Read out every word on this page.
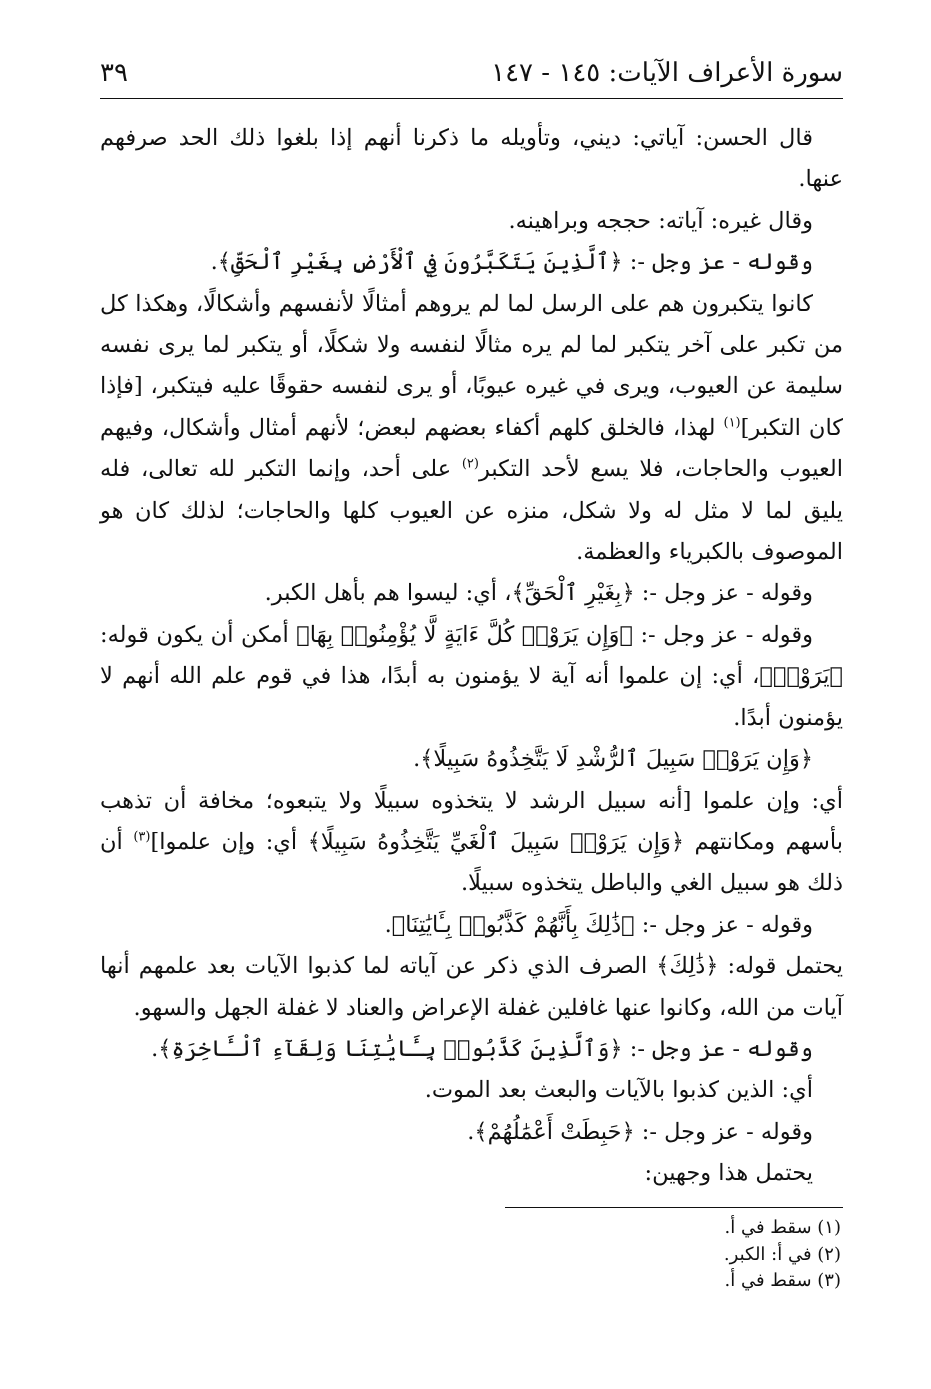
سورة الأعراف الآيات: ١٤٥ - ١٤٧
٣٩

قال الحسن: آياتي: ديني، وتأويله ما ذكرنا أنهم إذا بلغوا ذلك الحد صرفهم عنها.

وقال غيره: آياته: حججه وبراهينه.

وقوله - عز وجل -: ﴿ٱلَّذِينَ يَتَكَبَّرُونَ فِي ٱلْأَرْضِ بِغَيْرِ ٱلْحَقِّ﴾.

كانوا يتكبرون هم على الرسل لما لم يروهم أمثالًا لأنفسهم وأشكالًا، وهكذا كل من تكبر على آخر يتكبر لما لم يره مثالًا لنفسه ولا شكلًا، أو يتكبر لما يرى نفسه سليمة عن العيوب، ويرى في غيره عيوبًا، أو يرى لنفسه حقوقًا عليه فيتكبر، [فإذا كان التكبر]$^{(١)}$ لهذا، فالخلق كلهم أكفاء بعضهم لبعض؛ لأنهم أمثال وأشكال، وفيهم العيوب والحاجات، فلا يسع لأحد التكبر$^{(٢)}$ على أحد، وإنما التكبر لله تعالى، فله يليق لما لا مثل له ولا شكل، منزه عن العيوب كلها والحاجات؛ لذلك كان هو الموصوف بالكبرياء والعظمة.

وقوله - عز وجل -: ﴿بِغَيْرِ ٱلْحَقِّ﴾، أي: ليسوا هم بأهل الكبر.

وقوله - عز وجل -: ﴿وَإِن يَرَوْا۟ كُلَّ ءَايَةٍ لَّا يُؤْمِنُوا۟ بِهَا﴾ أمكن أن يكون قوله: ﴿يَرَوْا۟﴾، أي: إن علموا أنه آية لا يؤمنون به أبدًا، هذا في قوم علم الله أنهم لا يؤمنون أبدًا.

﴿وَإِن يَرَوْا۟ سَبِيلَ ٱلرُّشْدِ لَا يَتَّخِذُوهُ سَبِيلًا﴾.

أي: وإن علموا [أنه سبيل الرشد لا يتخذوه سبيلًا ولا يتبعوه؛ مخافة أن تذهب بأسهم ومكانتهم ﴿وَإِن يَرَوْا۟ سَبِيلَ ٱلْغَيِّ يَتَّخِذُوهُ سَبِيلًا﴾ أي: وإن علموا]$^{(٣)}$ أن ذلك هو سبيل الغي والباطل يتخذوه سبيلًا.

وقوله - عز وجل -: ﴿ذَٰلِكَ بِأَنَّهُمْ كَذَّبُوا۟ بِـَٔايَٰتِنَا﴾.

يحتمل قوله: ﴿ذَٰلِكَ﴾ الصرف الذي ذكر عن آياته لما كذبوا الآيات بعد علمهم أنها آيات من الله، وكانوا عنها غافلين غفلة الإعراض والعناد لا غفلة الجهل والسهو.

وقوله - عز وجل -: ﴿وَٱلَّذِينَ كَذَّبُوا۟ بِـَٔايَٰتِنَا وَلِقَآءِ ٱلْـَٔاخِرَةِ﴾.

أي: الذين كذبوا بالآيات والبعث بعد الموت.

وقوله - عز وجل -: ﴿حَبِطَتْ أَعْمَٰلُهُمْ﴾.

يحتمل هذا وجهين:

(١) سقط في أ.
(٢) في أ: الكبر.
(٣) سقط في أ.
